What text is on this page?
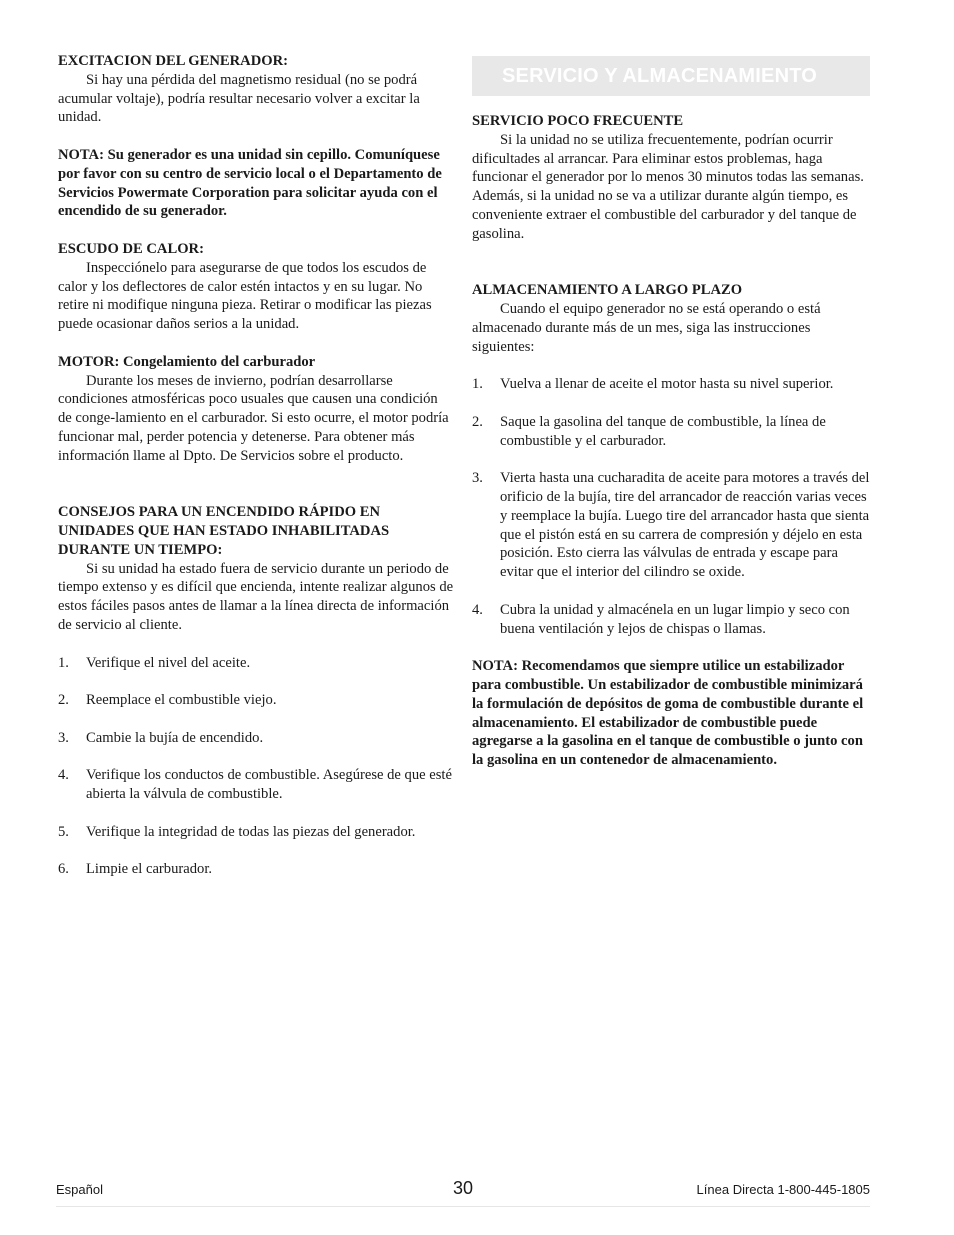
EXCITACION DEL GENERADOR:

Si hay una pérdida del magnetismo residual (no se podrá acumular voltaje), podría resultar necesario volver a excitar la unidad.

NOTA: Su generador es una unidad sin cepillo. Comuníquese por favor con su centro de servicio local o el Departamento de Servicios Powermate Corporation para solicitar ayuda con el encendido de su generador.

ESCUDO DE CALOR:

Inspecciónelo para asegurarse de que todos los escudos de calor y los deflectores de calor estén intactos y en su lugar. No retire ni modifique ninguna pieza. Retirar o modificar las piezas puede ocasionar daños serios a la unidad.

MOTOR: Congelamiento del carburador

Durante los meses de invierno, podrían desarrollarse condiciones atmosféricas poco usuales que causen una condición de conge-lamiento en el carburador. Si esto ocurre, el motor podría funcionar mal, perder potencia y detenerse. Para obtener más información llame al Dpto. De Servicios sobre el producto.

CONSEJOS PARA UN ENCENDIDO RÁPIDO EN UNIDADES QUE HAN ESTADO INHABILITADAS DURANTE UN TIEMPO:

Si su unidad ha estado fuera de servicio durante un periodo de tiempo extenso y es difícil que encienda, intente realizar algunos de estos fáciles pasos antes de llamar a la línea directa de información de servicio al cliente.

1.	Verifique el nivel del aceite.
2.	Reemplace el combustible viejo.
3.	Cambie la bujía de encendido.
4.	Verifique los conductos de combustible. Asegúrese de que esté abierta la válvula de combustible.
5.	Verifique la integridad de todas las piezas del generador.
6.	Limpie el carburador.
SERVICIO Y ALMACENAMIENTO
SERVICIO POCO FRECUENTE

Si la unidad no se utiliza frecuentemente, podrían ocurrir dificultades al arrancar. Para eliminar estos problemas, haga funcionar el generador por lo menos 30 minutos todas las semanas. Además, si la unidad no se va a utilizar durante algún tiempo, es conveniente extraer el combustible del carburador y del tanque de gasolina.

ALMACENAMIENTO A LARGO PLAZO

Cuando el equipo generador no se está operando o está almacenado durante más de un mes, siga las instrucciones siguientes:

1.	Vuelva a llenar de aceite el motor hasta su nivel superior.
2.	Saque la gasolina del tanque de combustible, la línea de combustible y el carburador.
3.	Vierta hasta una cucharadita de aceite para motores a través del orificio de la bujía, tire del arrancador de reacción varias veces y reemplace la bujía. Luego tire del arrancador hasta que sienta que el pistón está en su carrera de compresión y déjelo en esta posición. Esto cierra las válvulas de entrada y escape para evitar que el interior del cilindro se oxide.
4.	Cubra la unidad y almacénela en un lugar limpio y seco con buena ventilación y lejos de chispas o llamas.

NOTA: Recomendamos que siempre utilice un estabilizador para combustible. Un estabilizador de combustible minimizará la formulación de depósitos de goma de combustible durante el almacenamiento. El estabilizador de combustible puede agregarse a la gasolina en el tanque de combustible o junto con la gasolina en un contenedor de almacenamiento.

Español	30	Línea Directa 1-800-445-1805
